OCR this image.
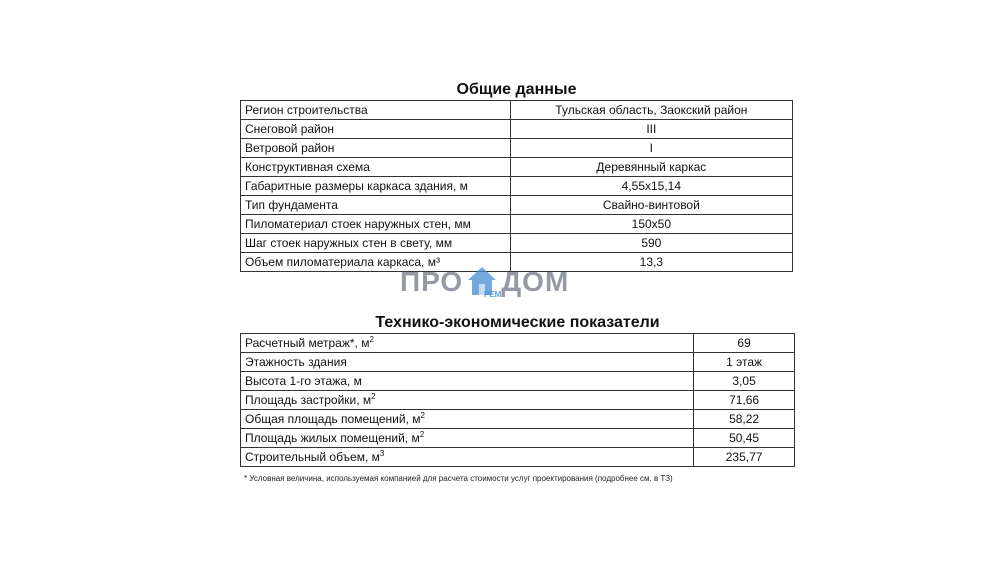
Общие данные
Регион строительства	Тульская область, Заокский район
Снеговой район	III
Ветровой район	I
Конструктивная схема	Деревянный каркас
Габаритные размеры каркаса здания, м	4,55х15,14
Тип фундамента	Свайно-винтовой
Пиломатериал стоек наружных стен, мм	150х50
Шаг стоек наружных стен в свету, мм	590
Объем пиломатериала каркаса, м³	13,3
ПРО ДОМ
РЕМ
Технико-экономические показатели
Расчетный метраж*, $м^2$	69
Этажность здания	1 этаж
Высота 1-го этажа, м	3,05
Площадь застройки, $м^2$	71,66
Общая площадь помещений, $м^2$	58,22
Площадь жилых помещений, $м^2$	50,45
Строительный объем, $м^3$	235,77
* Условная величина, используемая компанией для расчета стоимости услуг проектирования (подробнее см. в ТЗ)
